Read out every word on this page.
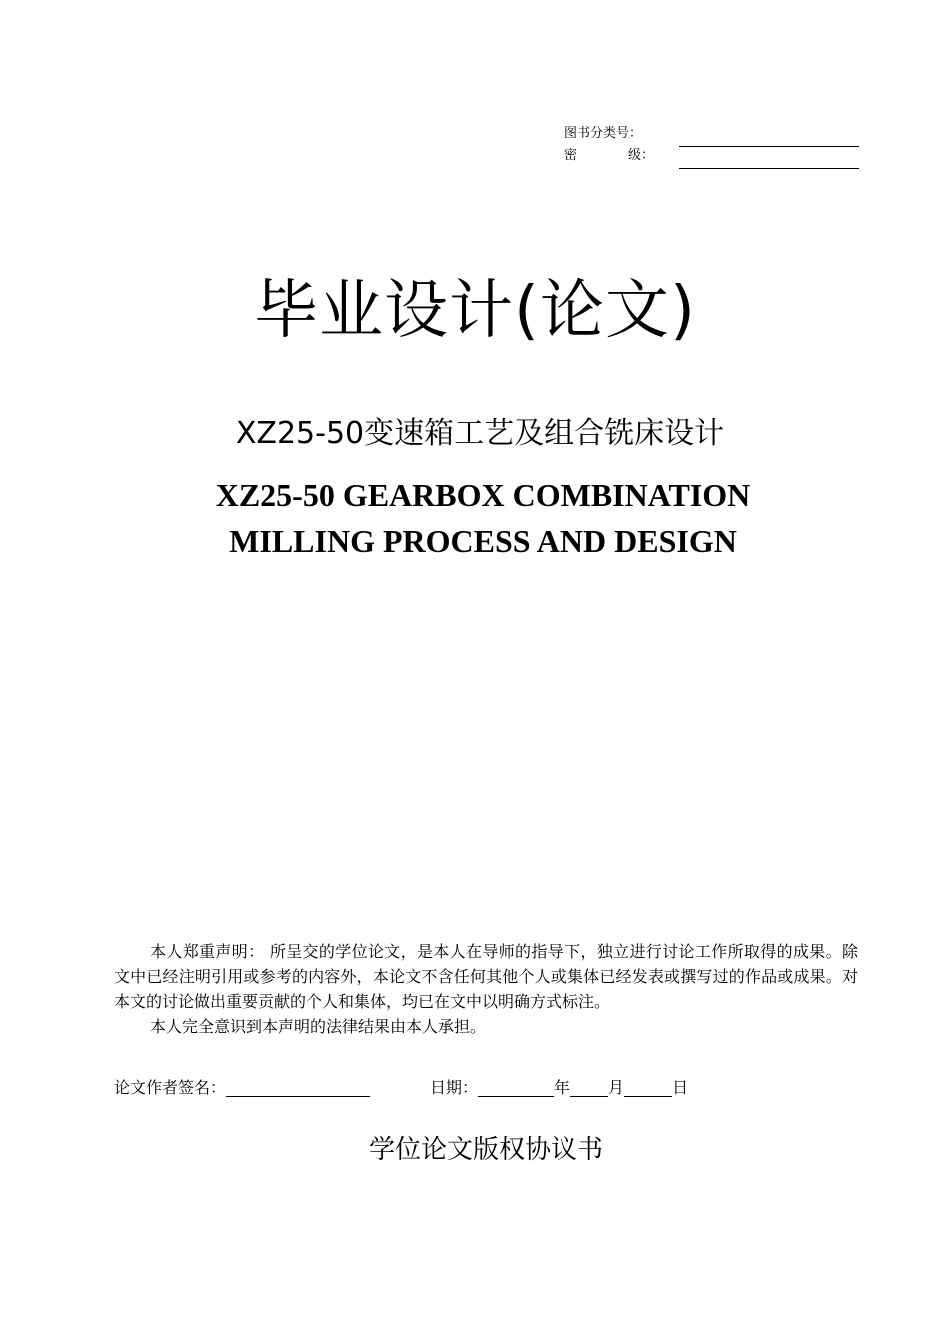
图书分类号：
密	级：
毕业设计(论文)
XZ25-50变速箱工艺及组合铣床设计
XZ25-50 GEARBOX COMBINATION
MILLING PROCESS AND DESIGN

本人郑重声明： 所呈交的学位论文，是本人在导师的指导下，独立进行讨论工作所取得的成果。除文中已经注明引用或参考的内容外，本论文不含任何其他个人或集体已经发表或撰写过的作品或成果。对本文的讨论做出重要贡献的个人和集体，均已在文中以明确方式标注。

本人完全意识到本声明的法律结果由本人承担。

论文作者签名：	日期：	年 月	日
学位论文版权协议书
